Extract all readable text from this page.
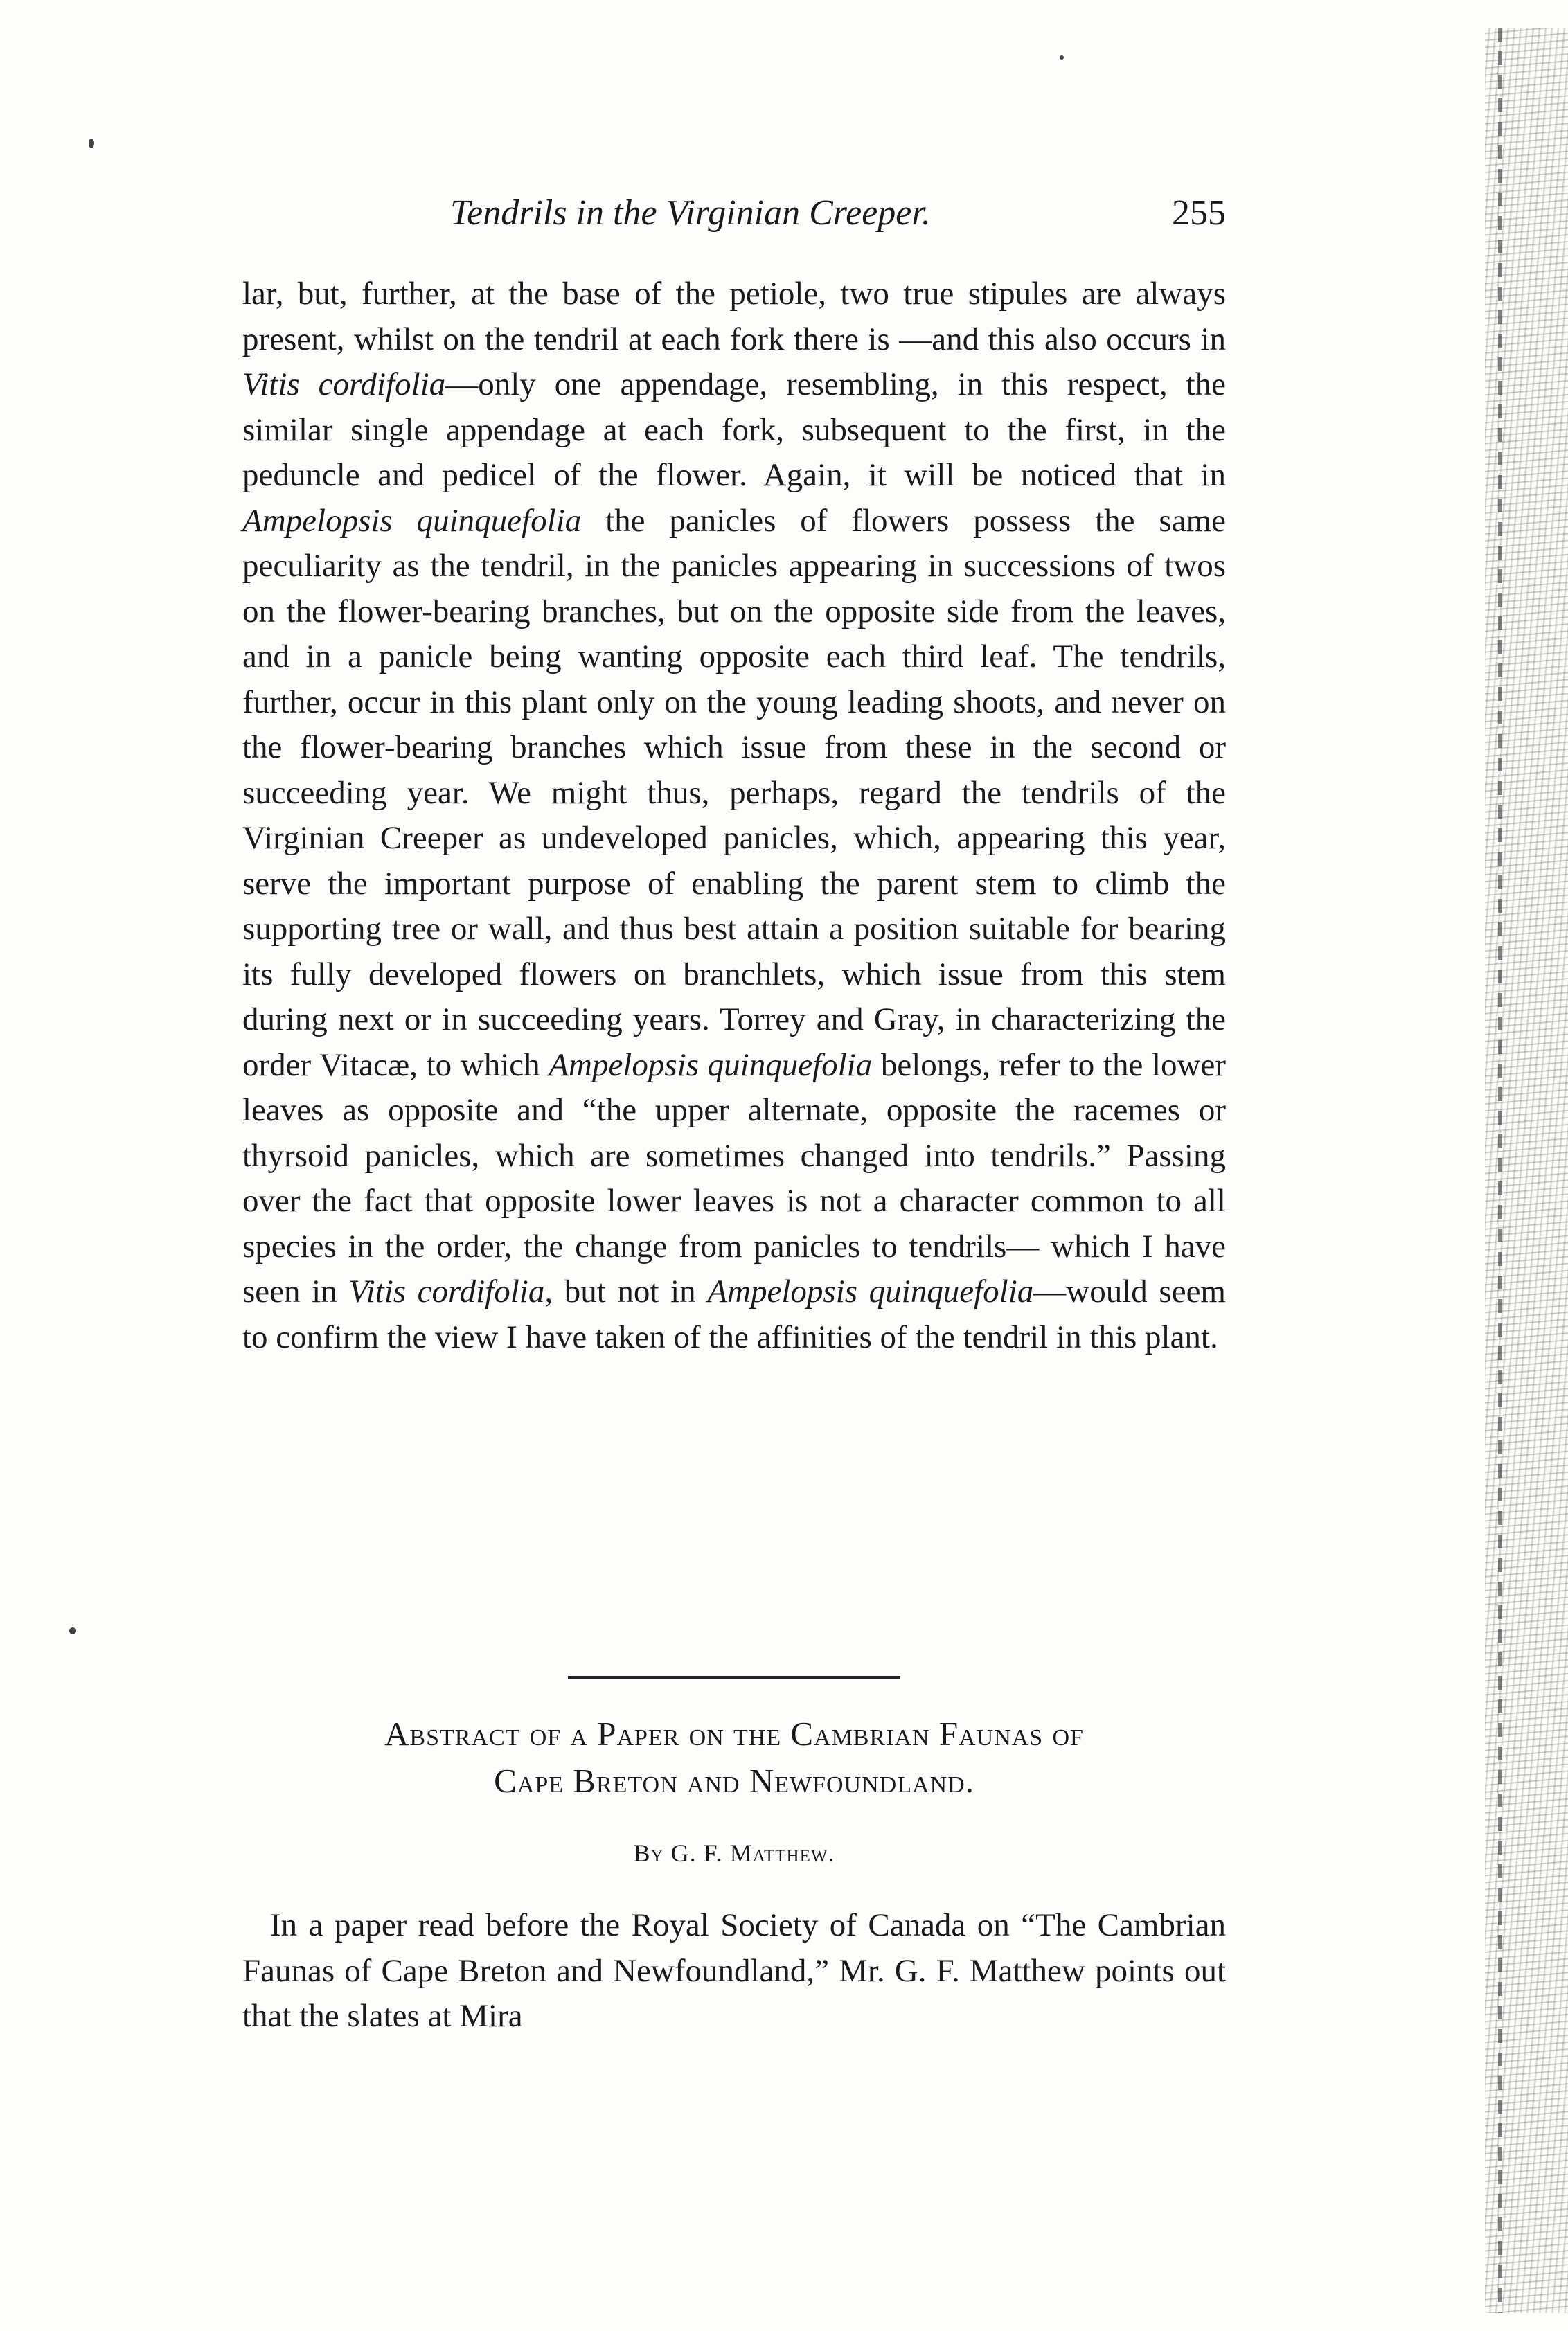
Tendrils in the Virginian Creeper.	255

lar, but, further, at the base of the petiole, two true stipules are always present, whilst on the tendril at each fork there is —and this also occurs in Vitis cordifolia—only one appendage, resembling, in this respect, the similar single appendage at each fork, subsequent to the first, in the peduncle and pedicel of the flower. Again, it will be noticed that in Ampelopsis quinquefolia the panicles of flowers possess the same peculiarity as the tendril, in the panicles appearing in successions of twos on the flower-bearing branches, but on the opposite side from the leaves, and in a panicle being wanting opposite each third leaf. The tendrils, further, occur in this plant only on the young leading shoots, and never on the flower-bearing branches which issue from these in the second or succeeding year. We might thus, perhaps, regard the tendrils of the Virginian Creeper as undeveloped panicles, which, appearing this year, serve the important purpose of enabling the parent stem to climb the supporting tree or wall, and thus best attain a position suitable for bearing its fully developed flowers on branchlets, which issue from this stem during next or in succeeding years. Torrey and Gray, in characterizing the order Vitacæ, to which Ampelopsis quinquefolia belongs, refer to the lower leaves as opposite and “the upper alternate, opposite the racemes or thyrsoid panicles, which are sometimes changed into tendrils.” Passing over the fact that opposite lower leaves is not a character common to all species in the order, the change from panicles to tendrils— which I have seen in Vitis cordifolia, but not in Ampelopsis quinquefolia—would seem to confirm the view I have taken of the affinities of the tendril in this plant.

Abstract of a Paper on the Cambrian Faunas of
Cape Breton and Newfoundland.
By G. F. Matthew.

In a paper read before the Royal Society of Canada on “The Cambrian Faunas of Cape Breton and Newfoundland,” Mr. G. F. Matthew points out that the slates at Mira
